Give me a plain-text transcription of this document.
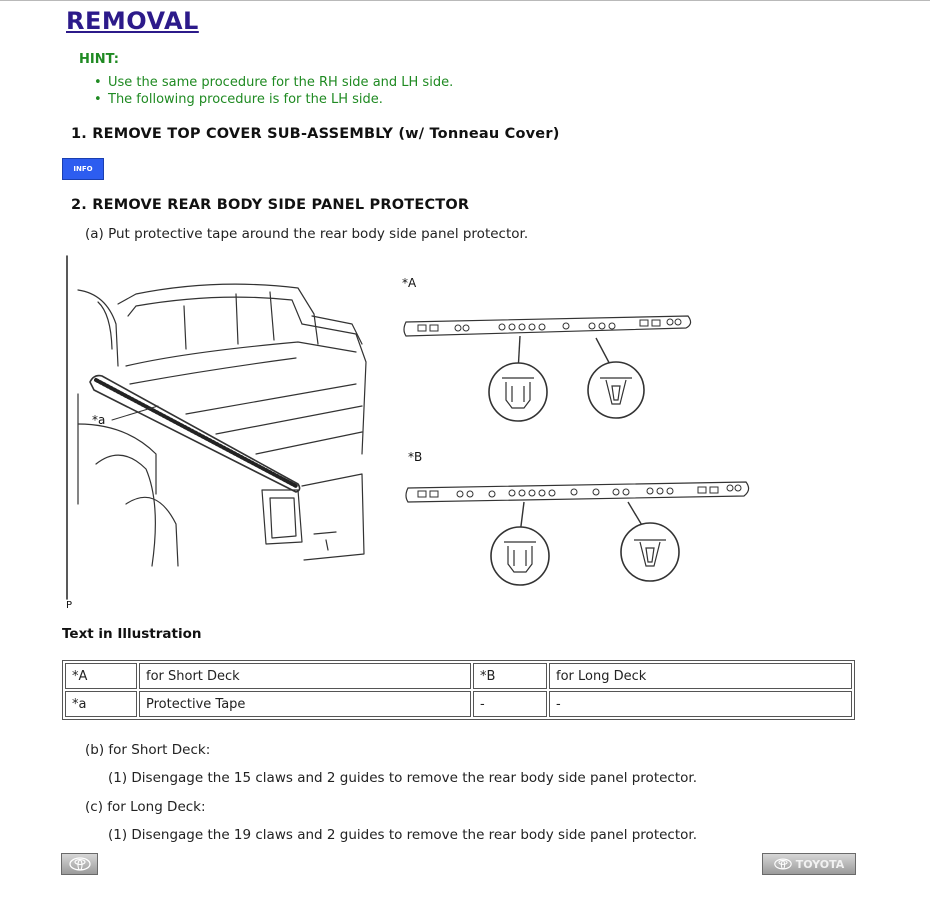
REMOVAL
HINT:
• Use the same procedure for the RH side and LH side.
• The following procedure is for the LH side.
1. REMOVE TOP COVER SUB-ASSEMBLY (w/ Tonneau Cover)
INFO
2. REMOVE REAR BODY SIDE PANEL PROTECTOR
(a) Put protective tape around the rear body side panel protector.
*A
*B
*a
P
Text in Illustration
*A	for Short Deck	*B	for Long Deck
*a	Protective Tape	-	-
(b) for Short Deck:
(1) Disengage the 15 claws and 2 guides to remove the rear body side panel protector.
(c) for Long Deck:
(1) Disengage the 19 claws and 2 guides to remove the rear body side panel protector.
TOYOTA
